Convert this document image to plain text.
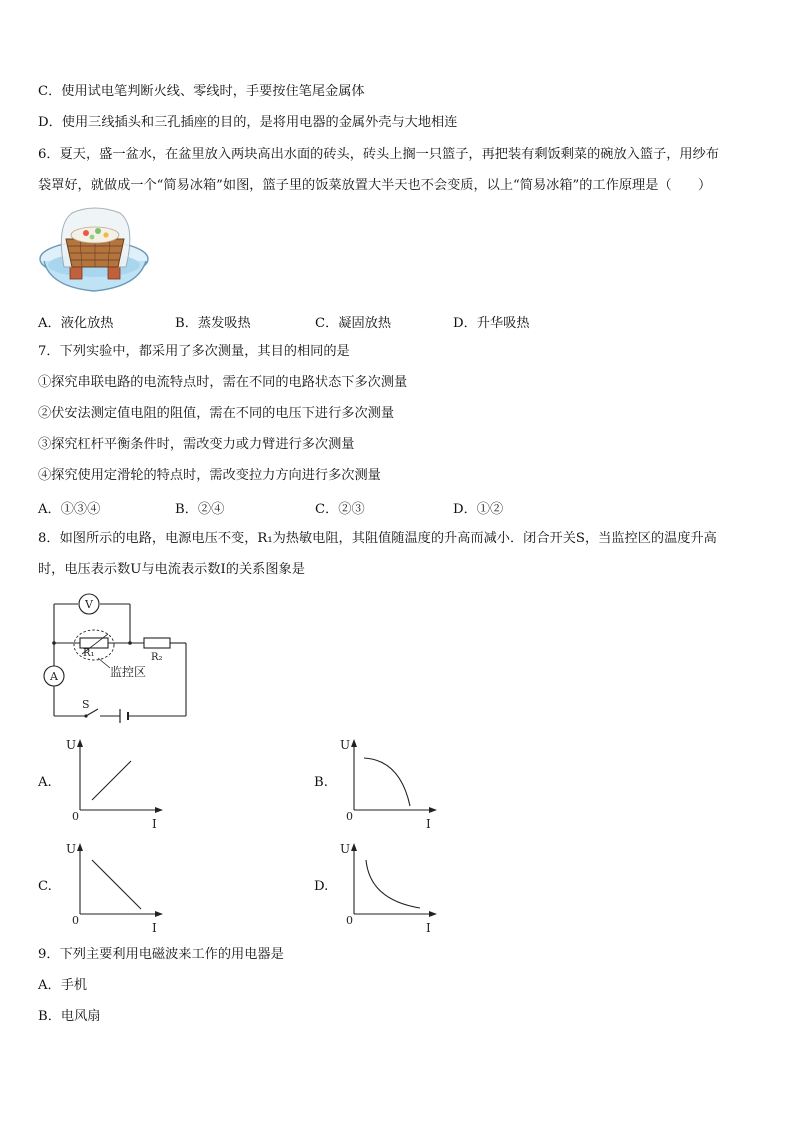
C．使用试电笔判断火线、零线时，手要按住笔尾金属体
D．使用三线插头和三孔插座的目的，是将用电器的金属外壳与大地相连
6．夏天，盛一盆水，在盆里放入两块高出水面的砖头，砖头上搁一只篮子，再把装有剩饭剩菜的碗放入篮子，用纱布
袋罩好，就做成一个“简易冰箱”如图，篮子里的饭菜放置大半天也不会变质，以上“简易冰箱”的工作原理是（　　）
A．液化放热	B．蒸发吸热	C．凝固放热	D．升华吸热
7．下列实验中，都采用了多次测量，其目的相同的是
①探究串联电路的电流特点时，需在不同的电路状态下多次测量
②伏安法测定值电阻的阻值，需在不同的电压下进行多次测量
③探究杠杆平衡条件时，需改变力或力臂进行多次测量
④探究使用定滑轮的特点时，需改变拉力方向进行多次测量
A．①③④	B．②④	C．②③	D．①②
8．如图所示的电路，电源电压不变，R₁为热敏电阻，其阻值随温度的升高而减小．闭合开关S，当监控区的温度升高
时，电压表示数U与电流表示数I的关系图象是
V
R₁
监控区
R₂
A
S
A.	B.
C.	D.
U
0
I
U
0
I
U
0
I
U
0
I
9．下列主要利用电磁波来工作的用电器是
A．手机
B．电风扇
